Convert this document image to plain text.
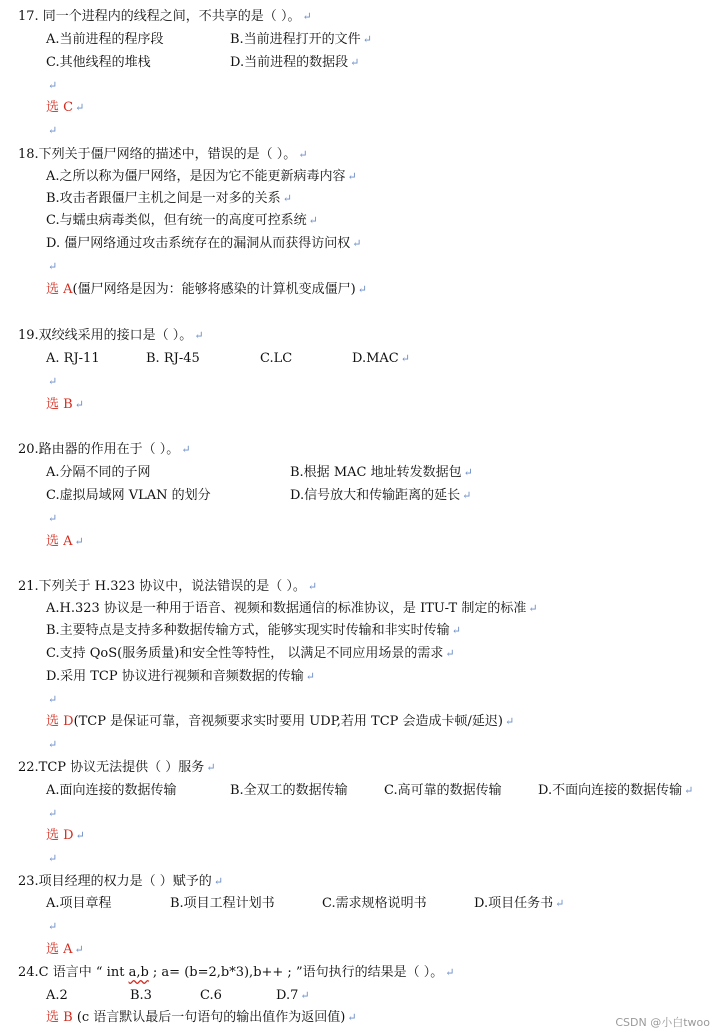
17. 同一个进程内的线程之间，不共享的是（ ）。 ↵
A.当前进程的程序段	B.当前进程打开的文件 ↵
C.其他线程的堆栈	D.当前进程的数据段 ↵
↵
选 C ↵
↵
18.下列关于僵尸网络的描述中，错误的是（ ）。 ↵
A.之所以称为僵尸网络，是因为它不能更新病毒内容 ↵
B.攻击者跟僵尸主机之间是一对多的关系 ↵
C.与蠕虫病毒类似，但有统一的高度可控系统 ↵
D. 僵尸网络通过攻击系统存在的漏洞从而获得访问权 ↵
↵
选 A(僵尸网络是因为：能够将感染的计算机变成僵尸) ↵
19.双绞线采用的接口是（ ）。 ↵
A. RJ-11	B. RJ-45	C.LC	D.MAC ↵
↵
选 B ↵
20.路由器的作用在于（ ）。 ↵
A.分隔不同的子网	B.根据 MAC 地址转发数据包 ↵
C.虚拟局域网 VLAN 的划分	D.信号放大和传输距离的延长 ↵
↵
选 A ↵
21.下列关于 H.323 协议中，说法错误的是（ ）。 ↵
A.H.323 协议是一种用于语音、视频和数据通信的标准协议，是 ITU-T 制定的标准 ↵
B.主要特点是支持多种数据传输方式，能够实现实时传输和非实时传输 ↵
C.支持 QoS(服务质量)和安全性等特性， 以满足不同应用场景的需求 ↵
D.采用 TCP 协议进行视频和音频数据的传输 ↵
↵
选 D(TCP 是保证可靠，音视频要求实时要用 UDP,若用 TCP 会造成卡顿/延迟) ↵
↵
22.TCP 协议无法提供（ ）服务 ↵
A.面向连接的数据传输	B.全双工的数据传输	C.高可靠的数据传输	D.不面向连接的数据传输 ↵
↵
选 D ↵
↵
23.项目经理的权力是（ ）赋予的 ↵
A.项目章程	B.项目工程计划书	C.需求规格说明书	D.项目任务书 ↵
↵
选 A ↵
24.C 语言中 “ int a,b ; a= (b=2,b*3),b++ ; ”语句执行的结果是（ ）。 ↵
A.2	B.3	C.6	D.7 ↵
选 B (c 语言默认最后一句语句的输出值作为返回值) ↵	CSDN @小白twoo
